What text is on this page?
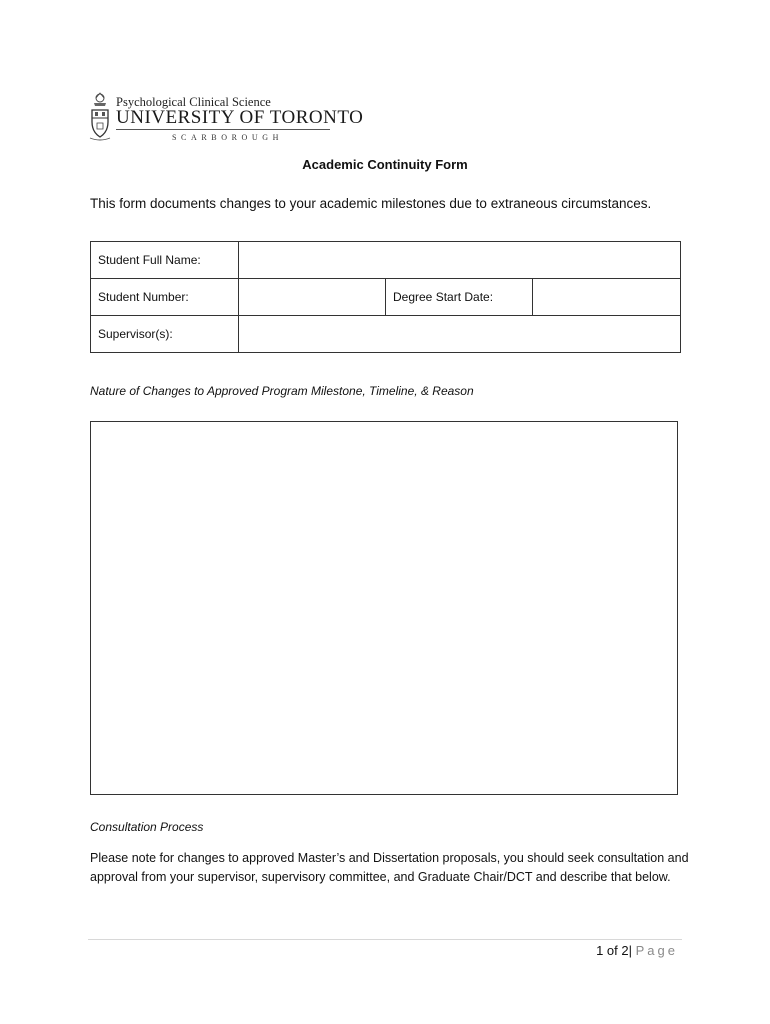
Psychological Clinical Science
UNIVERSITY OF TORONTO
SCARBOROUGH
Academic Continuity Form
This form documents changes to your academic milestones due to extraneous circumstances.
Student Full Name:			
Student Number:		Degree Start Date:	
Supervisor(s):			
Nature of Changes to Approved Program Milestone, Timeline, & Reason
Consultation Process
Please note for changes to approved Master’s and Dissertation proposals, you should seek consultation and approval from your supervisor, supervisory committee, and Graduate Chair/DCT and describe that below.
1 of 2| Page
